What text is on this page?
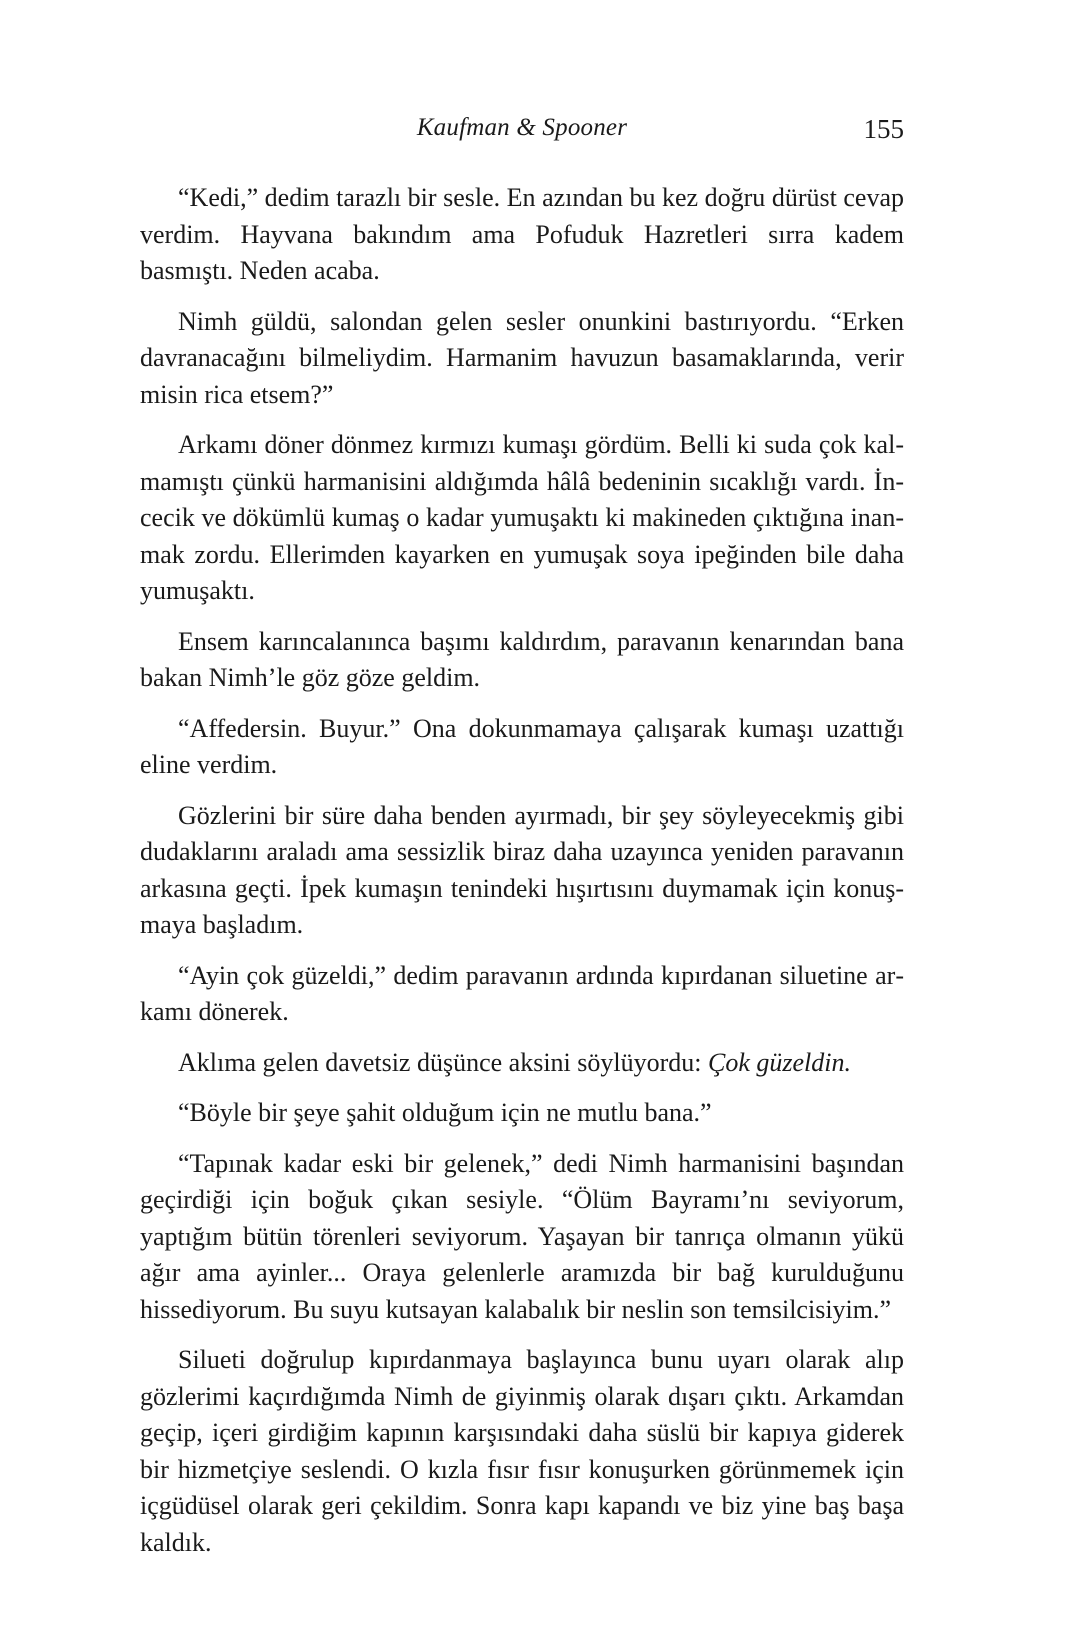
Kaufman & Spooner	155

“Kedi,” dedim tarazlı bir sesle. En azından bu kez doğru dürüst cevap verdim. Hayvana bakındım ama Pofuduk Hazretleri sırra kadem basmıştı. Neden acaba.

Nimh güldü, salondan gelen sesler onunkini bastırıyordu. “Erken davranacağını bilmeliydim. Harmanim havuzun basamaklarında, verir misin rica etsem?”

Arkamı döner dönmez kırmızı kumaşı gördüm. Belli ki suda çok kalmamıştı çünkü harmanisini aldığımda hâlâ bedeninin sıcaklığı vardı. İncecik ve dökümlü kumaş o kadar yumuşaktı ki makineden çıktığına inanmak zordu. Ellerimden kayarken en yumuşak soya ipeğinden bile daha yumuşaktı.

Ensem karıncalanınca başımı kaldırdım, paravanın kenarından bana bakan Nimh’le göz göze geldim.

“Affedersin. Buyur.” Ona dokunmamaya çalışarak kumaşı uzattığı eline verdim.

Gözlerini bir süre daha benden ayırmadı, bir şey söyleyecekmiş gibi dudaklarını araladı ama sessizlik biraz daha uzayınca yeniden paravanın arkasına geçti. İpek kumaşın tenindeki hışırtısını duymamak için konuşmaya başladım.

“Ayin çok güzeldi,” dedim paravanın ardında kıpırdanan siluetine arkamı dönerek.

Aklıma gelen davetsiz düşünce aksini söylüyordu: Çok güzeldin.

“Böyle bir şeye şahit olduğum için ne mutlu bana.”

“Tapınak kadar eski bir gelenek,” dedi Nimh harmanisini başından geçirdiği için boğuk çıkan sesiyle. “Ölüm Bayramı’nı seviyorum, yaptığım bütün törenleri seviyorum. Yaşayan bir tanrıça olmanın yükü ağır ama ayinler... Oraya gelenlerle aramızda bir bağ kurulduğunu hissediyorum. Bu suyu kutsayan kalabalık bir neslin son temsilcisiyim.”

Silueti doğrulup kıpırdanmaya başlayınca bunu uyarı olarak alıp gözlerimi kaçırdığımda Nimh de giyinmiş olarak dışarı çıktı. Arkamdan geçip, içeri girdiğim kapının karşısındaki daha süslü bir kapıya giderek bir hizmetçiye seslendi. O kızla fısır fısır konuşurken görünmemek için içgüdüsel olarak geri çekildim. Sonra kapı kapandı ve biz yine baş başa kaldık.
